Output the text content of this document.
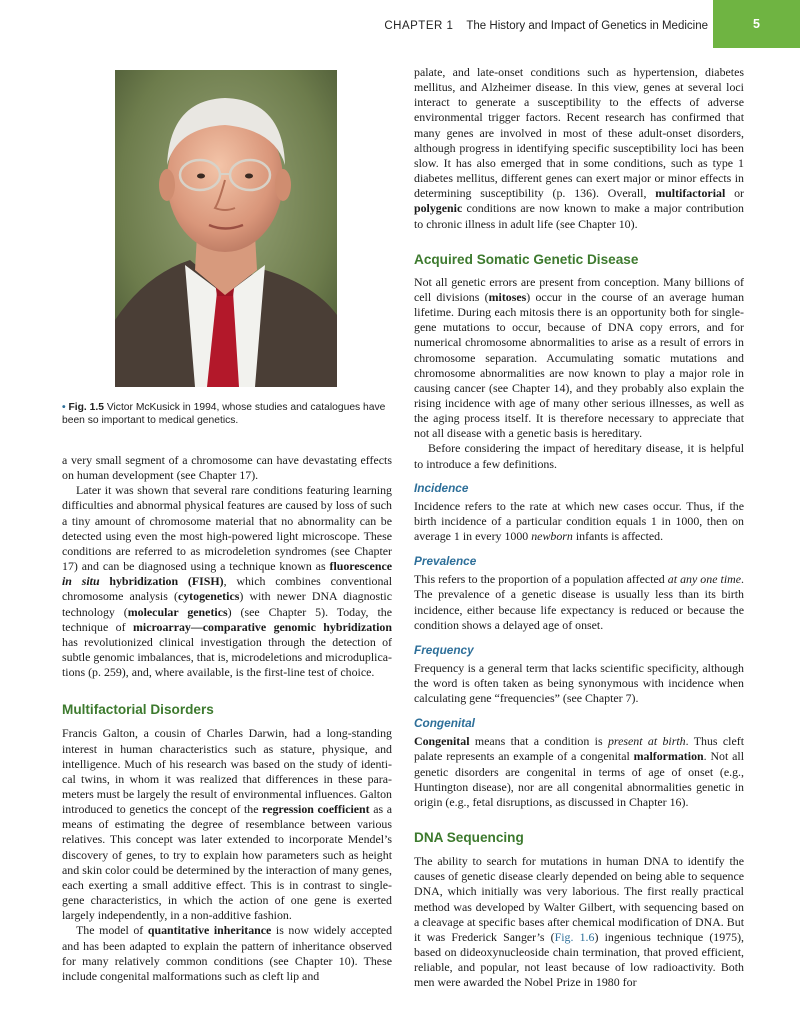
CHAPTER 1 The History and Impact of Genetics in Medicine	5
• Fig. 1.5 Victor McKusick in 1994, whose studies and catalogues have been so important to medical genetics.

a very small segment of a chromosome can have devastating effects on human development (see Chapter 17).

Later it was shown that several rare conditions featuring learning difficulties and abnormal physical features are caused by loss of such a tiny amount of chromosome material that no abnormality can be detected using even the most high-powered light microscope. These conditions are referred to as microdeletion syndromes (see Chapter 17) and can be diagnosed using a technique known as fluorescence in situ hybridization (FISH), which combines conventional chromosome analysis (cytogenetics) with newer DNA diagnostic technology (molecular genetics) (see Chapter 5). Today, the technique of microarray—comparative genomic hybridization has revolutionized clinical investigation through the detection of subtle genomic imbalances, that is, microdeletions and microduplications (p. 259), and, where available, is the first-line test of choice.

Multifactorial Disorders

Francis Galton, a cousin of Charles Darwin, had a long-standing interest in human characteristics such as stature, physique, and intelligence. Much of his research was based on the study of identical twins, in whom it was realized that differences in these parameters must be largely the result of environmental influences. Galton introduced to genetics the concept of the regression coefficient as a means of estimating the degree of resemblance between various relatives. This concept was later extended to incorporate Mendel’s discovery of genes, to try to explain how parameters such as height and skin color could be determined by the interaction of many genes, each exerting a small additive effect. This is in contrast to single-gene characteristics, in which the action of one gene is exerted largely independently, in a non-additive fashion.

The model of quantitative inheritance is now widely accepted and has been adapted to explain the pattern of inheritance observed for many relatively common conditions (see Chapter 10). These include congenital malformations such as cleft lip and

palate, and late-onset conditions such as hypertension, diabetes mellitus, and Alzheimer disease. In this view, genes at several loci interact to generate a susceptibility to the effects of adverse environmental trigger factors. Recent research has confirmed that many genes are involved in most of these adult-onset disorders, although progress in identifying specific susceptibility loci has been slow. It has also emerged that in some conditions, such as type 1 diabetes mellitus, different genes can exert major or minor effects in determining susceptibility (p. 136). Overall, multifactorial or polygenic conditions are now known to make a major contribution to chronic illness in adult life (see Chapter 10).

Acquired Somatic Genetic Disease

Not all genetic errors are present from conception. Many billions of cell divisions (mitoses) occur in the course of an average human lifetime. During each mitosis there is an opportunity both for single-gene mutations to occur, because of DNA copy errors, and for numerical chromosome abnormalities to arise as a result of errors in chromosome separation. Accumulating somatic mutations and chromosome abnormalities are now known to play a major role in causing cancer (see Chapter 14), and they probably also explain the rising incidence with age of many other serious illnesses, as well as the aging process itself. It is therefore necessary to appreciate that not all disease with a genetic basis is hereditary.

Before considering the impact of hereditary disease, it is helpful to introduce a few definitions.

Incidence

Incidence refers to the rate at which new cases occur. Thus, if the birth incidence of a particular condition equals 1 in 1000, then on average 1 in every 1000 newborn infants is affected.

Prevalence

This refers to the proportion of a population affected at any one time. The prevalence of a genetic disease is usually less than its birth incidence, either because life expectancy is reduced or because the condition shows a delayed age of onset.

Frequency

Frequency is a general term that lacks scientific specificity, although the word is often taken as being synonymous with incidence when calculating gene “frequencies” (see Chapter 7).

Congenital

Congenital means that a condition is present at birth. Thus cleft palate represents an example of a congenital malformation. Not all genetic disorders are congenital in terms of age of onset (e.g., Huntington disease), nor are all congenital abnormalities genetic in origin (e.g., fetal disruptions, as discussed in Chapter 16).

DNA Sequencing

The ability to search for mutations in human DNA to identify the causes of genetic disease clearly depended on being able to sequence DNA, which initially was very laborious. The first really practical method was developed by Walter Gilbert, with sequencing based on a cleavage at specific bases after chemical modification of DNA. But it was Frederick Sanger’s (Fig. 1.6) ingenious technique (1975), based on dideoxynucleoside chain termination, that proved efficient, reliable, and popular, not least because of low radioactivity. Both men were awarded the Nobel Prize in 1980 for
